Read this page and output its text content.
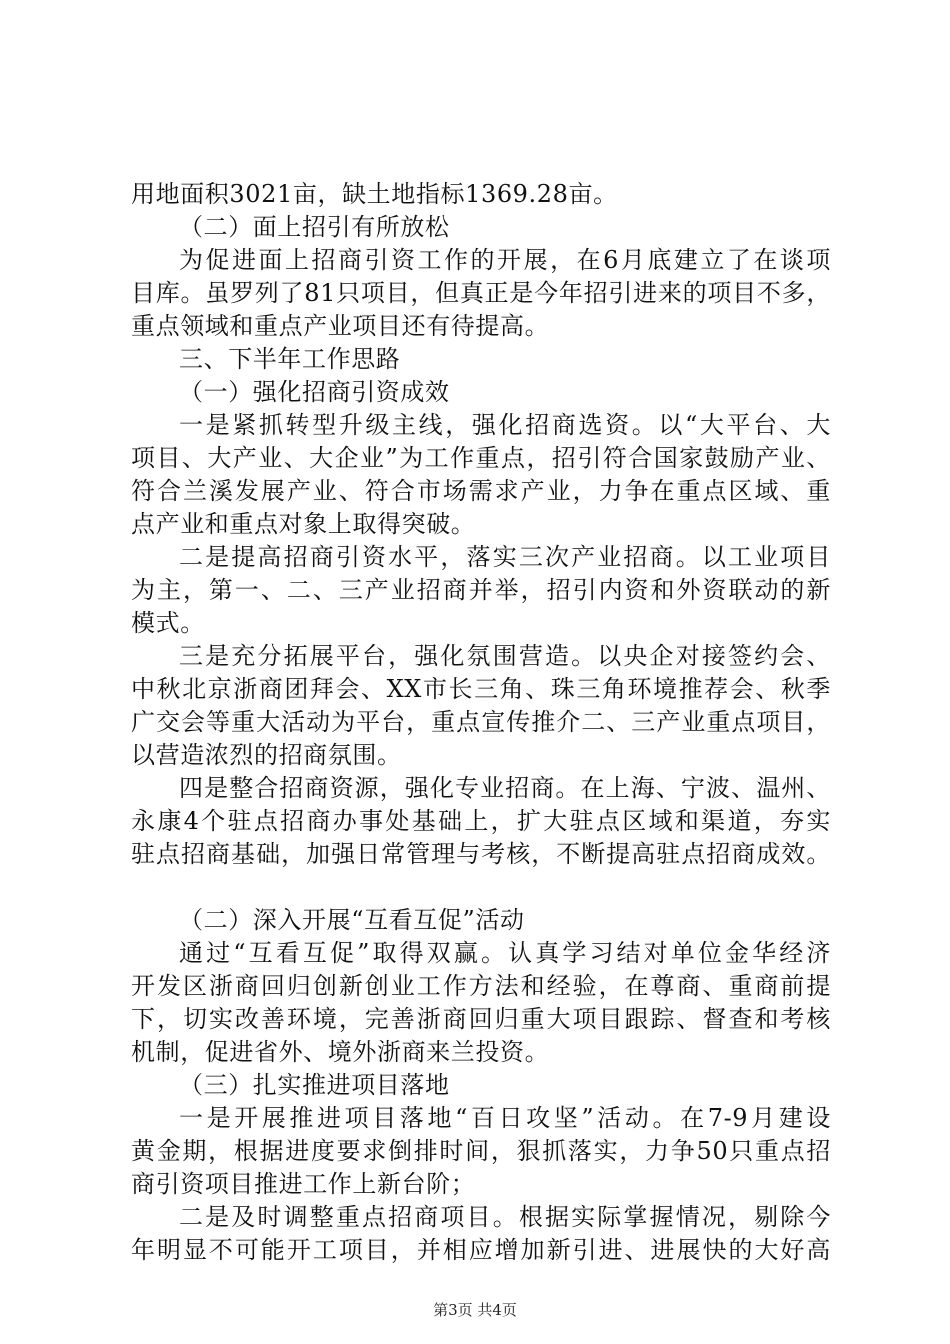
用地面积3021亩，缺土地指标1369.28亩。
（二）面上招引有所放松
为促进面上招商引资工作的开展，在6月底建立了在谈项
目库。虽罗列了81只项目，但真正是今年招引进来的项目不多，
重点领域和重点产业项目还有待提高。
三、下半年工作思路
（一）强化招商引资成效
一是紧抓转型升级主线，强化招商选资。以“大平台、大
项目、大产业、大企业”为工作重点，招引符合国家鼓励产业、
符合兰溪发展产业、符合市场需求产业，力争在重点区域、重
点产业和重点对象上取得突破。
二是提高招商引资水平，落实三次产业招商。以工业项目
为主，第一、二、三产业招商并举，招引内资和外资联动的新
模式。
三是充分拓展平台，强化氛围营造。以央企对接签约会、
中秋北京浙商团拜会、XX市长三角、珠三角环境推荐会、秋季
广交会等重大活动为平台，重点宣传推介二、三产业重点项目，
以营造浓烈的招商氛围。
四是整合招商资源，强化专业招商。在上海、宁波、温州、
永康4个驻点招商办事处基础上，扩大驻点区域和渠道，夯实
驻点招商基础，加强日常管理与考核，不断提高驻点招商成效。
（二）深入开展“互看互促”活动
通过“互看互促”取得双赢。认真学习结对单位金华经济
开发区浙商回归创新创业工作方法和经验，在尊商、重商前提
下，切实改善环境，完善浙商回归重大项目跟踪、督查和考核
机制，促进省外、境外浙商来兰投资。
（三）扎实推进项目落地
一是开展推进项目落地“百日攻坚”活动。在7-9月建设
黄金期，根据进度要求倒排时间，狠抓落实，力争50只重点招
商引资项目推进工作上新台阶；
二是及时调整重点招商项目。根据实际掌握情况，剔除今
年明显不可能开工项目，并相应增加新引进、进展快的大好高
第3页 共4页
